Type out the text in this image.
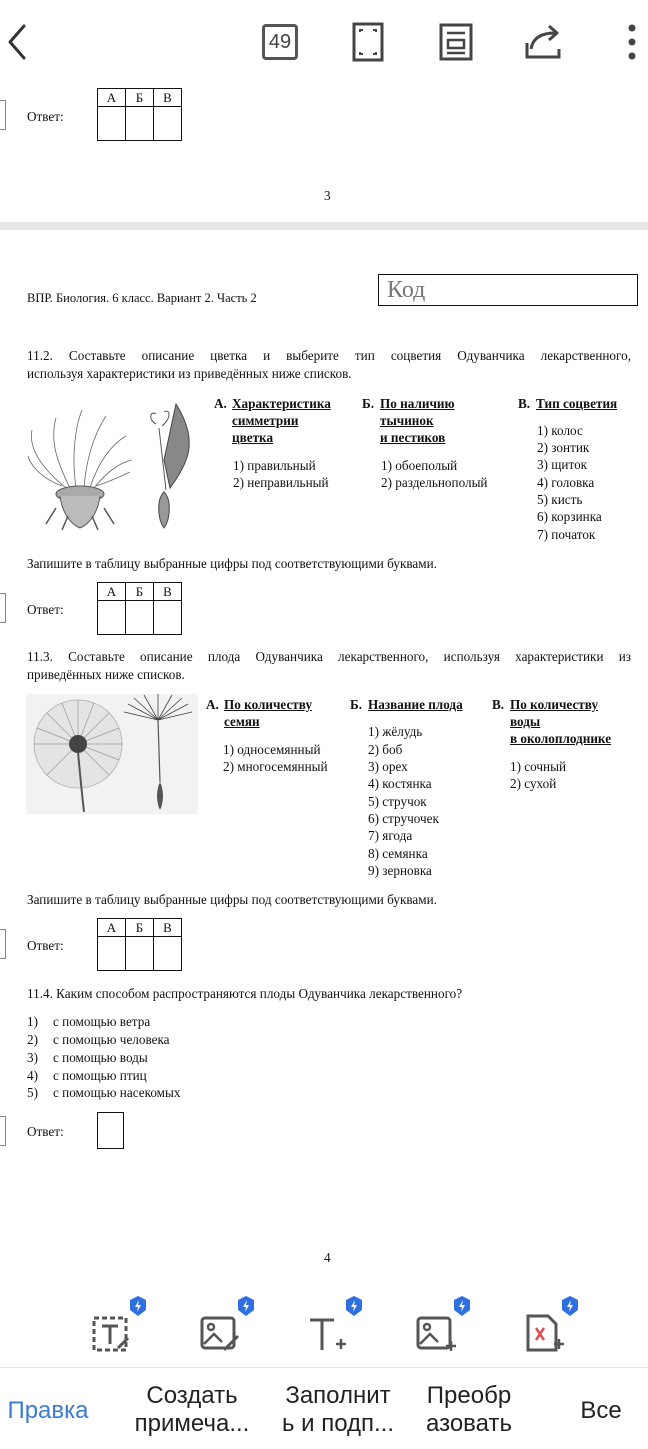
49
Ответ:
А	Б	В

3
ВПР. Биология. 6 класс. Вариант 2. Часть 2	Код
11.2. Составьте описание цветка и выберите тип соцветия Одуванчика лекарственного,
используя характеристики из приведённых ниже списков.
А. Характеристика
симметрии
цветка
1) правильный
2) неправильный
Б. По наличию
тычинок
и пестиков
1) обоеполый
2) раздельнополый
В. Тип соцветия
1) колос
2) зонтик
3) щиток
4) головка
5) кисть
6) корзинка
7) початок
Запишите в таблицу выбранные цифры под соответствующими буквами.
Ответ:
А	Б	В

11.3. Составьте описание плода Одуванчика лекарственного, используя характеристики из
приведённых ниже списков.
А. По количеству
семян
1) односемянный
2) многосемянный
Б. Название плода
1) жёлудь
2) боб
3) орех
4) костянка
5) стручок
6) стручочек
7) ягода
8) семянка
9) зерновка
В. По количеству
воды
в околоплоднике
1) сочный
2) сухой
Запишите в таблицу выбранные цифры под соответствующими буквами.
Ответ:
А	Б	В

11.4. Каким способом распространяются плоды Одуванчика лекарственного?
1) с помощью ветра
2) с помощью человека
3) с помощью воды
4) с помощью птиц
5) с помощью насекомых
Ответ:
4
Правка
Создать
примеча...
Заполнит
ь и подп...
Преобр
азовать	Все
